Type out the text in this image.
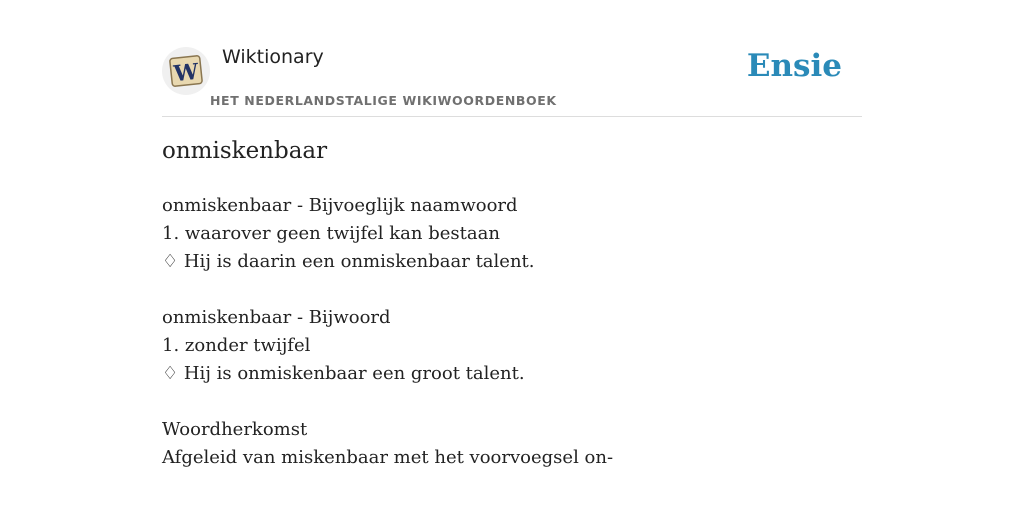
W
Wiktionary
HET NEDERLANDSTALIGE WIKIWOORDENBOEK
Ensie
onmiskenbaar
onmiskenbaar - Bijvoeglijk naamwoord
1. waarover geen twijfel kan bestaan
♢ Hij is daarin een onmiskenbaar talent.
onmiskenbaar - Bijwoord
1. zonder twijfel
♢ Hij is onmiskenbaar een groot talent.
Woordherkomst
Afgeleid van miskenbaar met het voorvoegsel on-
